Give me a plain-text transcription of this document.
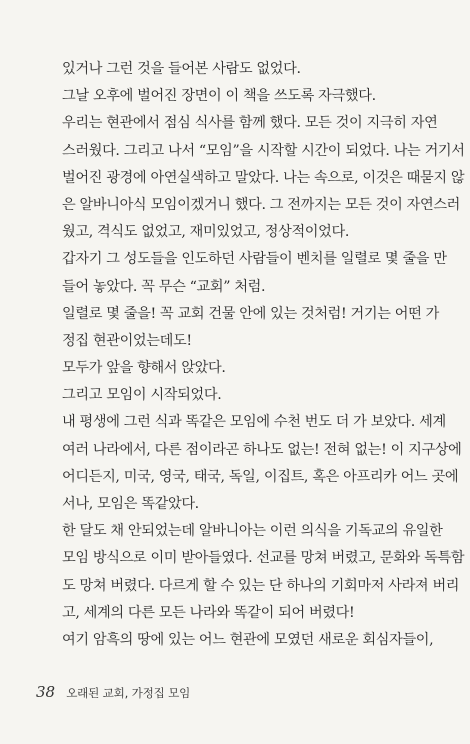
있거나 그런 것을 들어본 사람도 없었다.
그날 오후에 벌어진 장면이 이 책을 쓰도록 자극했다.
우리는 현관에서 점심 식사를 함께 했다. 모든 것이 지극히 자연
스러웠다. 그리고 나서 “모임”을 시작할 시간이 되었다. 나는 거기서
벌어진 광경에 아연실색하고 말았다. 나는 속으로, 이것은 때묻지 않
은 알바니아식 모임이겠거니 했다. 그 전까지는 모든 것이 자연스러
웠고, 격식도 없었고, 재미있었고, 정상적이었다.
갑자기 그 성도들을 인도하던 사람들이 벤치를 일렬로 몇 줄을 만
들어 놓았다. 꼭 무슨 “교회” 처럼.
일렬로 몇 줄을! 꼭 교회 건물 안에 있는 것처럼! 거기는 어떤 가
정집 현관이었는데도!
모두가 앞을 향해서 앉았다.
그리고 모임이 시작되었다.
내 평생에 그런 식과 똑같은 모임에 수천 번도 더 가 보았다. 세계
여러 나라에서, 다른 점이라곤 하나도 없는! 전혀 없는! 이 지구상에
어디든지, 미국, 영국, 태국, 독일, 이집트, 혹은 아프리카 어느 곳에
서나, 모임은 똑같았다.
한 달도 채 안되었는데 알바니아는 이런 의식을 기독교의 유일한
모임 방식으로 이미 받아들였다. 선교를 망쳐 버렸고, 문화와 독특함
도 망쳐 버렸다. 다르게 할 수 있는 단 하나의 기회마저 사라져 버리
고, 세계의 다른 모든 나라와 똑같이 되어 버렸다!
여기 암흑의 땅에 있는 어느 현관에 모였던 새로운 회심자들이,
38 오래된 교회, 가정집 모임
